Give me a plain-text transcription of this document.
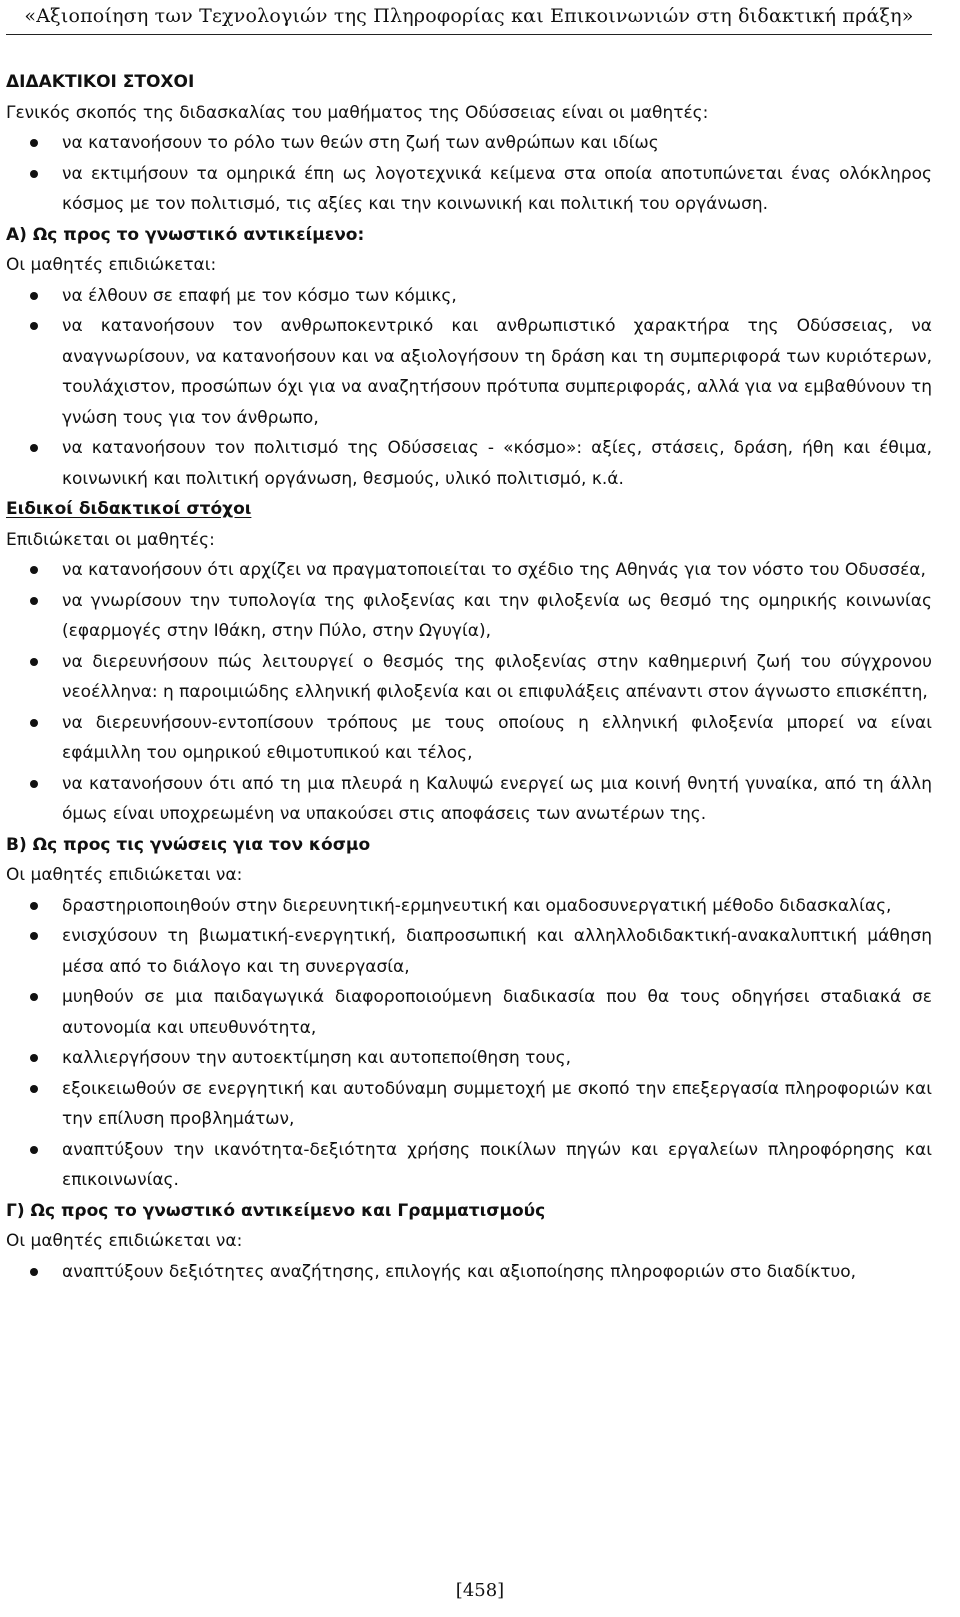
«Αξιοποίηση των Τεχνολογιών της Πληροφορίας και Επικοινωνιών στη διδακτική πράξη»

ΔΙΔΑΚΤΙΚΟΙ ΣΤΟΧΟΙ

Γενικός σκοπός της διδασκαλίας του μαθήματος της Οδύσσειας είναι οι μαθητές:

να κατανοήσουν το ρόλο των θεών στη ζωή των ανθρώπων και ιδίως
να εκτιμήσουν τα ομηρικά έπη ως λογοτεχνικά κείμενα στα οποία αποτυπώνεται ένας ολόκληρος κόσμος με τον πολιτισμό, τις αξίες και την κοινωνική και πολιτική του οργάνωση.

Α) Ως προς το γνωστικό αντικείμενο:

Οι μαθητές επιδιώκεται:

να έλθουν σε επαφή με τον κόσμο των κόμικς,
να κατανοήσουν τον ανθρωποκεντρικό και ανθρωπιστικό χαρακτήρα της Οδύσσειας, να αναγνωρίσουν, να κατανοήσουν και να αξιολογήσουν τη δράση και τη συμπεριφορά των κυριότερων, τουλάχιστον, προσώπων όχι για να αναζητήσουν πρότυπα συμπεριφοράς, αλλά για να εμβαθύνουν τη γνώση τους για τον άνθρωπο,
να κατανοήσουν τον πολιτισμό της Οδύσσειας - «κόσμο»: αξίες, στάσεις, δράση, ήθη και έθιμα, κοινωνική και πολιτική οργάνωση, θεσμούς, υλικό πολιτισμό, κ.ά.

Ειδικοί διδακτικοί στόχοι

Επιδιώκεται οι μαθητές:

να κατανοήσουν ότι αρχίζει να πραγματοποιείται το σχέδιο της Αθηνάς για τον νόστο του Οδυσσέα,
να γνωρίσουν την τυπολογία της φιλοξενίας και την φιλοξενία ως θεσμό της ομηρικής κοινωνίας (εφαρμογές στην Ιθάκη, στην Πύλο, στην Ωγυγία),
να διερευνήσουν πώς λειτουργεί ο θεσμός της φιλοξενίας στην καθημερινή ζωή του σύγχρονου νεοέλληνα: η παροιμιώδης ελληνική φιλοξενία και οι επιφυλάξεις απέναντι στον άγνωστο επισκέπτη,
να διερευνήσουν-εντοπίσουν τρόπους με τους οποίους η ελληνική φιλοξενία μπορεί να είναι εφάμιλλη του ομηρικού εθιμοτυπικού και τέλος,
να κατανοήσουν ότι από τη μια πλευρά η Καλυψώ ενεργεί ως μια κοινή θνητή γυναίκα, από τη άλλη όμως είναι υποχρεωμένη να υπακούσει στις αποφάσεις των ανωτέρων της.

Β) Ως προς τις γνώσεις για τον κόσμο

Οι μαθητές επιδιώκεται να:

δραστηριοποιηθούν στην διερευνητική-ερμηνευτική και ομαδοσυνεργατική μέθοδο διδασκαλίας,
ενισχύσουν τη βιωματική-ενεργητική, διαπροσωπική και αλληλλοδιδακτική-ανακαλυπτική μάθηση μέσα από το διάλογο και τη συνεργασία,
μυηθούν σε μια παιδαγωγικά διαφοροποιούμενη διαδικασία που θα τους οδηγήσει σταδιακά σε αυτονομία και υπευθυνότητα,
καλλιεργήσουν την αυτοεκτίμηση και αυτοπεποίθηση τους,
εξοικειωθούν σε ενεργητική και αυτοδύναμη συμμετοχή με σκοπό την επεξεργασία πληροφοριών και την επίλυση προβλημάτων,
αναπτύξουν την ικανότητα-δεξιότητα χρήσης ποικίλων πηγών και εργαλείων πληροφόρησης και επικοινωνίας.

Γ) Ως προς το γνωστικό αντικείμενο και Γραμματισμούς

Οι μαθητές επιδιώκεται να:

αναπτύξουν δεξιότητες αναζήτησης, επιλογής και αξιοποίησης πληροφοριών στο διαδίκτυο,
[458]
